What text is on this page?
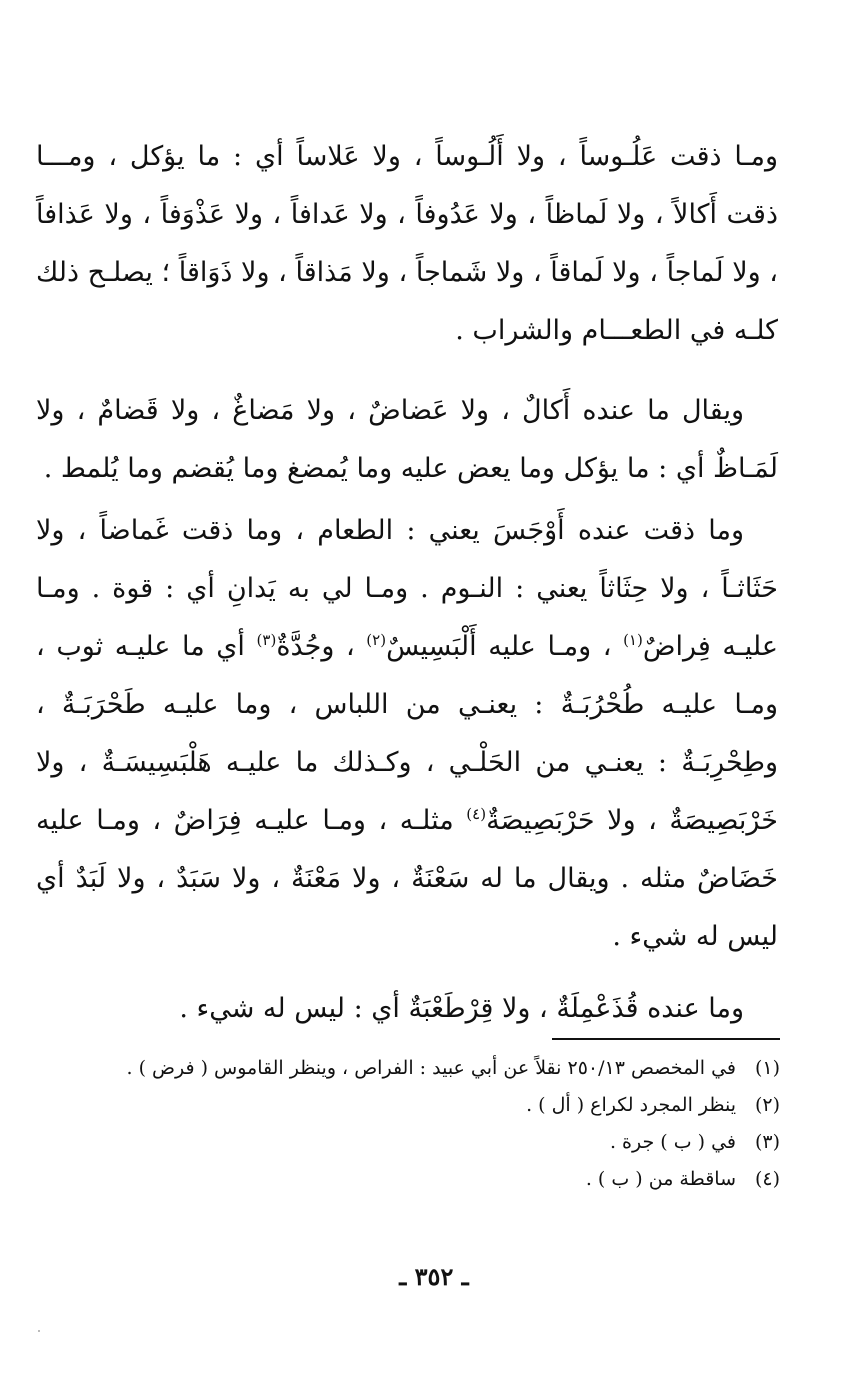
ومـا ذقت عَلُـوساً ، ولا أَلُـوساً ، ولا عَلاساً أي : ما يؤكل ، ومـــا ذقت أَكالاً ، ولا لَماظاً ، ولا عَدُوفاً ، ولا عَدافاً ، ولا عَذْوَفاً ، ولا عَذافاً ، ولا لَماجاً ، ولا لَماقاً ، ولا شَماجاً ، ولا مَذاقاً ، ولا ذَوَاقاً ؛ يصلـح ذلك كلـه في الطعـــام والشراب .

ويقال ما عنده أَكالٌ ، ولا عَضاضٌ ، ولا مَضاغٌ ، ولا قَضامٌ ، ولا لَمَـاظٌ أي : ما يؤكل وما يعض عليه وما يُمضغ وما يُقضم وما يُلمط .

وما ذقت عنده أَوْجَسَ يعني : الطعام ، وما ذقت غَماضاً ، ولا حَثَاثـاً ، ولا حِثَاثاً يعني : النـوم . ومـا لي به يَدانِ أي : قوة . ومـا عليـه فِراضٌ$^{(١)}$ ، ومـا عليه أَلْبَسِيسٌ$^{(٢)}$ ، وجُدَّةٌ$^{(٣)}$ أي ما عليـه ثوب ، ومـا عليـه طُحْرُبَـةٌ : يعنـي من اللباس ، وما عليـه طَحْرَبَـةٌ ، وطِحْرِبَـةٌ : يعنـي من الحَلْـي ، وكـذلك ما عليـه هَلْبَسِيسَـةٌ ، ولا خَرْبَصِيصَةٌ ، ولا حَرْبَصِيصَةٌ$^{(٤)}$ مثلـه ، ومـا عليـه فِرَاضٌ ، ومـا عليه خَضَاضٌ مثله . ويقال ما له سَعْنَةٌ ، ولا مَعْنَةٌ ، ولا سَبَدٌ ، ولا لَبَدٌ أي ليس له شيء .

وما عنده قُذَعْمِلَةٌ ، ولا قِرْطَعْبَةٌ أي : ليس له شيء .

(١)
في المخصص ٢٥٠/١٣ نقلاً عن أبي عبيد : الفراص ، وينظر القاموس ( فرض ) .
(٢)
ينظر المجرد لكراع ( أل ) .
(٣)
في ( ب ) جرة .
(٤)
ساقطة من ( ب ) .
ـ ٣٥٢ ـ
